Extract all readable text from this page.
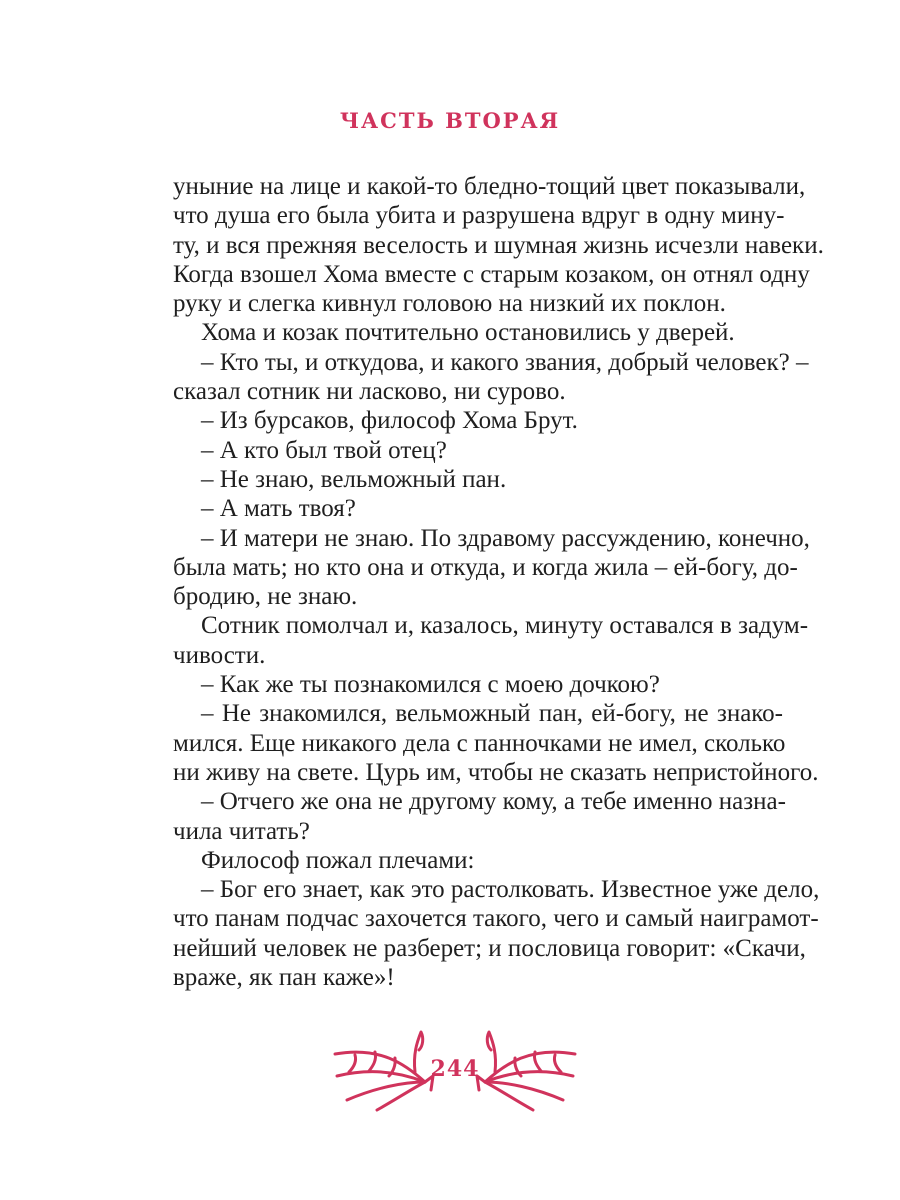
ЧАСТЬ ВТОРАЯ
уныние на лице и какой-то бледно-тощий цвет показывали,
что душа его была убита и разрушена вдруг в одну мину-
ту, и вся прежняя веселость и шумная жизнь исчезли навеки.
Когда взошел Хома вместе с старым козаком, он отнял одну
руку и слегка кивнул головою на низкий их поклон.
Хома и козак почтительно остановились у дверей.
– Кто ты, и откудова, и какого звания, добрый человек? –
сказал сотник ни ласково, ни сурово.
– Из бурсаков, философ Хома Брут.
– А кто был твой отец?
– Не знаю, вельможный пан.
– А мать твоя?
– И матери не знаю. По здравому рассуждению, конечно,
была мать; но кто она и откуда, и когда жила – ей-богу, до-
бродию, не знаю.
Сотник помолчал и, казалось, минуту оставался в задум-
чивости.
– Как же ты познакомился с моею дочкою?
– Не знакомился, вельможный пан, ей-богу, не знако-
мился. Еще никакого дела с панночками не имел, сколько
ни живу на свете. Цурь им, чтобы не сказать непристойного.
– Отчего же она не другому кому, а тебе именно назна-
чила читать?
Философ пожал плечами:
– Бог его знает, как это растолковать. Известное уже дело,
что панам подчас захочется такого, чего и самый наиграмот-
нейший человек не разберет; и пословица говорит: «Скачи,
враже, як пан каже»!
244
